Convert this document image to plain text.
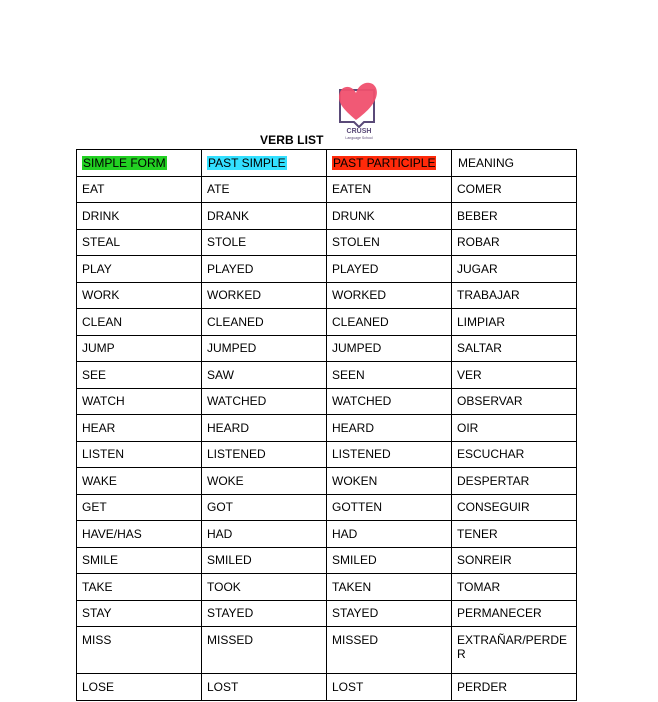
CRUSH
Language School
VERB LIST
SIMPLE FORM	PAST SIMPLE	PAST PARTICIPLE	MEANING
EAT	ATE	EATEN	COMER
DRINK	DRANK	DRUNK	BEBER
STEAL	STOLE	STOLEN	ROBAR
PLAY	PLAYED	PLAYED	JUGAR
WORK	WORKED	WORKED	TRABAJAR
CLEAN	CLEANED	CLEANED	LIMPIAR
JUMP	JUMPED	JUMPED	SALTAR
SEE	SAW	SEEN	VER
WATCH	WATCHED	WATCHED	OBSERVAR
HEAR	HEARD	HEARD	OIR
LISTEN	LISTENED	LISTENED	ESCUCHAR
WAKE	WOKE	WOKEN	DESPERTAR
GET	GOT	GOTTEN	CONSEGUIR
HAVE/HAS	HAD	HAD	TENER
SMILE	SMILED	SMILED	SONREIR
TAKE	TOOK	TAKEN	TOMAR
STAY	STAYED	STAYED	PERMANECER
MISS	MISSED	MISSED	EXTRAÑAR/PERDER
LOSE	LOST	LOST	PERDER
